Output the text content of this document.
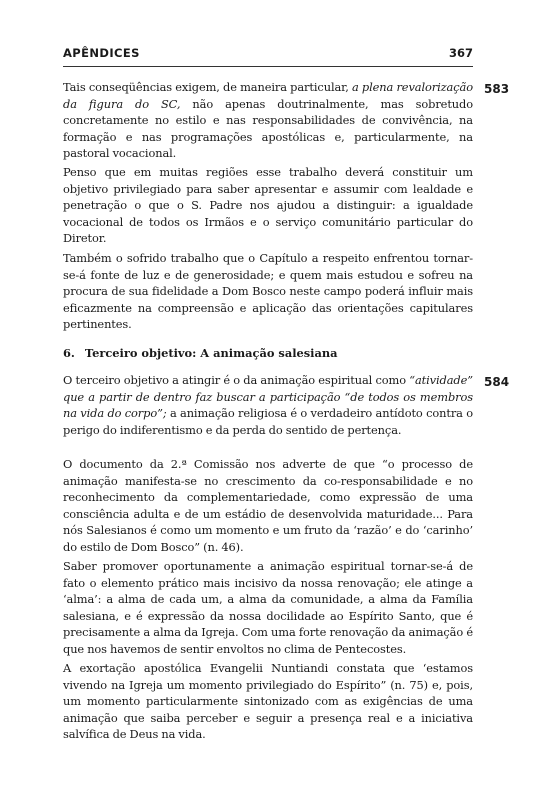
APÊNDICES	367
583

Tais conseqüências exigem, de maneira particular, a plena revalorização da figura do SC, não apenas doutrinalmente, mas sobretudo concretamente no estilo e nas responsabilidades de convivência, na formação e nas programações apostólicas e, particularmente, na pastoral vocacional.

Penso que em muitas regiões esse trabalho deverá constituir um objetivo privilegiado para saber apresentar e assumir com lealdade e penetração o que o S. Padre nos ajudou a distinguir: a igualdade vocacional de todos os Irmãos e o serviço comunitário particular do Diretor.

Também o sofrido trabalho que o Capítulo a respeito enfrentou tornar-se-á fonte de luz e de generosidade; e quem mais estudou e sofreu na procura de sua fidelidade a Dom Bosco neste campo poderá influir mais eficazmente na compreensão e aplicação das orientações capitulares pertinentes.

6. Terceiro objetivo: A animação salesiana
584

O terceiro objetivo a atingir é o da animação espiritual como “atividade” que a partir de dentro faz buscar a participação “de todos os membros na vida do corpo”; a animação religiosa é o verdadeiro antídoto contra o perigo do indiferentismo e da perda do sentido de pertença.

O documento da 2.ª Comissão nos adverte de que “o processo de animação manifesta-se no crescimento da co-responsabilidade e no reconhecimento da complementariedade, como expressão de uma consciência adulta e de um estádio de desenvolvida maturidade... Para nós Salesianos é como um momento e um fruto da ‘razão’ e do ‘carinho’ do estilo de Dom Bosco” (n. 46).

Saber promover oportunamente a animação espiritual tornar-se-á de fato o elemento prático mais incisivo da nossa renovação; ele atinge a ‘alma’: a alma de cada um, a alma da comunidade, a alma da Família salesiana, e é expressão da nossa docilidade ao Espírito Santo, que é precisamente a alma da Igreja. Com uma forte renovação da animação é que nos havemos de sentir envoltos no clima de Pentecostes.

A exortação apostólica Evangelii Nuntiandi constata que ‘estamos vivendo na Igreja um momento privilegiado do Espírito” (n. 75) e, pois, um momento particularmente sintonizado com as exigências de uma animação que saiba perceber e seguir a presença real e a iniciativa salvífica de Deus na vida.
